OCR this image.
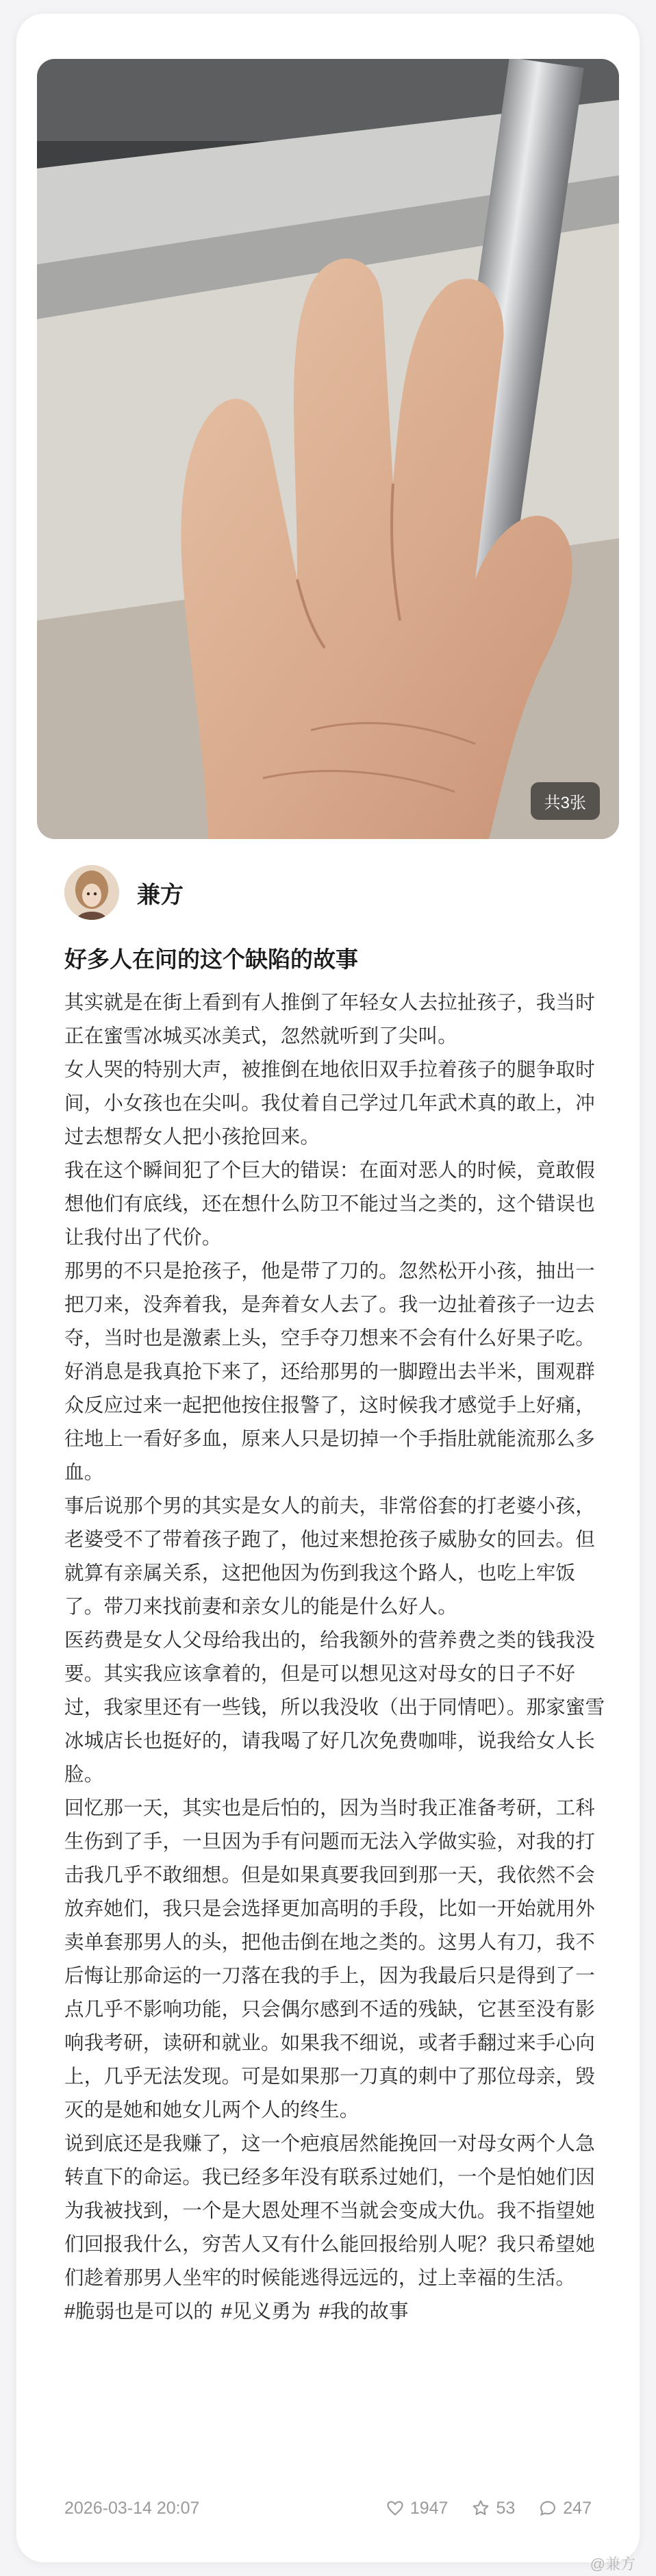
共3张
兼方
好多人在问的这个缺陷的故事

其实就是在街上看到有人推倒了年轻女人去拉扯孩子，我当时正在蜜雪冰城买冰美式，忽然就听到了尖叫。

女人哭的特别大声，被推倒在地依旧双手拉着孩子的腿争取时间，小女孩也在尖叫。我仗着自己学过几年武术真的敢上，冲过去想帮女人把小孩抢回来。

我在这个瞬间犯了个巨大的错误：在面对恶人的时候，竟敢假想他们有底线，还在想什么防卫不能过当之类的，这个错误也让我付出了代价。

那男的不只是抢孩子，他是带了刀的。忽然松开小孩，抽出一把刀来，没奔着我，是奔着女人去了。我一边扯着孩子一边去夺，当时也是激素上头，空手夺刀想来不会有什么好果子吃。好消息是我真抢下来了，还给那男的一脚蹬出去半米，围观群众反应过来一起把他按住报警了，这时候我才感觉手上好痛，往地上一看好多血，原来人只是切掉一个手指肚就能流那么多血。

事后说那个男的其实是女人的前夫，非常俗套的打老婆小孩，老婆受不了带着孩子跑了，他过来想抢孩子威胁女的回去。但就算有亲属关系，这把他因为伤到我这个路人，也吃上牢饭了。带刀来找前妻和亲女儿的能是什么好人。

医药费是女人父母给我出的，给我额外的营养费之类的钱我没要。其实我应该拿着的，但是可以想见这对母女的日子不好过，我家里还有一些钱，所以我没收（出于同情吧）。那家蜜雪冰城店长也挺好的，请我喝了好几次免费咖啡，说我给女人长脸。

回忆那一天，其实也是后怕的，因为当时我正准备考研，工科生伤到了手，一旦因为手有问题而无法入学做实验，对我的打击我几乎不敢细想。但是如果真要我回到那一天，我依然不会放弃她们，我只是会选择更加高明的手段，比如一开始就用外卖单套那男人的头，把他击倒在地之类的。这男人有刀，我不后悔让那命运的一刀落在我的手上，因为我最后只是得到了一点几乎不影响功能，只会偶尔感到不适的残缺，它甚至没有影响我考研，读研和就业。如果我不细说，或者手翻过来手心向上，几乎无法发现。可是如果那一刀真的刺中了那位母亲，毁灭的是她和她女儿两个人的终生。

说到底还是我赚了，这一个疤痕居然能挽回一对母女两个人急转直下的命运。我已经多年没有联系过她们，一个是怕她们因为我被找到，一个是大恩处理不当就会变成大仇。我不指望她们回报我什么，穷苦人又有什么能回报给别人呢？我只希望她们趁着那男人坐牢的时候能逃得远远的，过上幸福的生活。

#脆弱也是可以的 #见义勇为 #我的故事
2026-03-14 20:07	1947	53	247
@兼方
